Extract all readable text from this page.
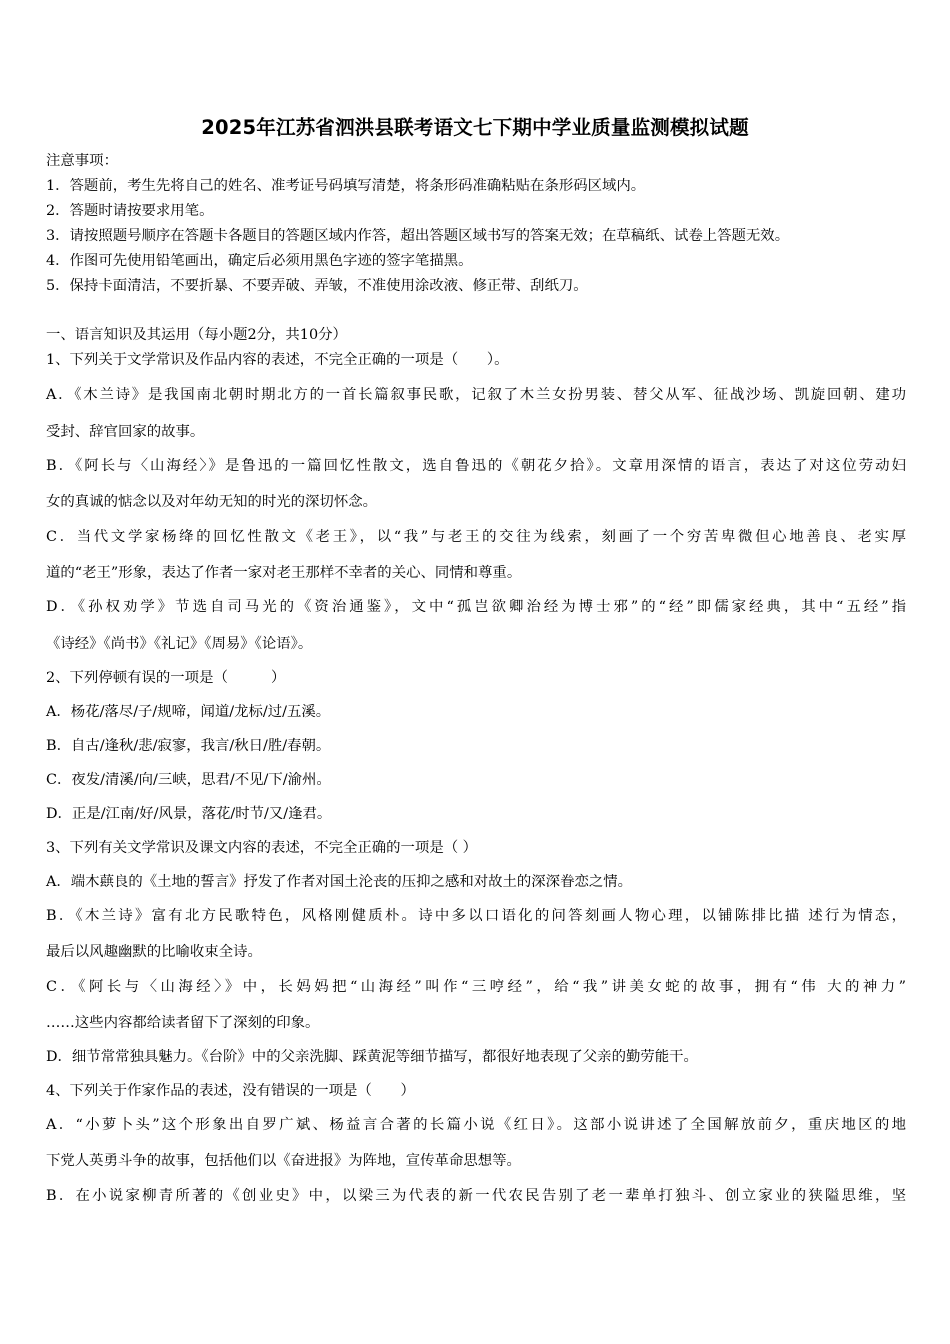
2025年江苏省泗洪县联考语文七下期中学业质量监测模拟试题
注意事项：
1．答题前，考生先将自己的姓名、准考证号码填写清楚，将条形码准确粘贴在条形码区域内。
2．答题时请按要求用笔。
3．请按照题号顺序在答题卡各题目的答题区域内作答，超出答题区域书写的答案无效；在草稿纸、试卷上答题无效。
4．作图可先使用铅笔画出，确定后必须用黑色字迹的签字笔描黑。
5．保持卡面清洁，不要折暴、不要弄破、弄皱，不准使用涂改液、修正带、刮纸刀。
一、语言知识及其运用（每小题2分，共10分）
1、下列关于文学常识及作品内容的表述，不完全正确的一项是（　　）。
A．《木兰诗》是我国南北朝时期北方的一首长篇叙事民歌，记叙了木兰女扮男装、替父从军、征战沙场、凯旋回朝、建功
受封、辞官回家的故事。
B．《阿长与〈山海经〉》是鲁迅的一篇回忆性散文，选自鲁迅的《朝花夕拾》。文章用深情的语言，表达了对这位劳动妇
女的真诚的惦念以及对年幼无知的时光的深切怀念。
C．当代文学家杨绛的回忆性散文《老王》，以“我”与老王的交往为线索，刻画了一个穷苦卑微但心地善良、老实厚
道的“老王”形象，表达了作者一家对老王那样不幸者的关心、同情和尊重。
D．《孙权劝学》节选自司马光的《资治通鉴》，文中“孤岂欲卿治经为博士邪”的“经”即儒家经典，其中“五经”指
《诗经》《尚书》《礼记》《周易》《论语》。
2、下列停顿有误的一项是（　　　）
A．杨花/落尽/子/规啼，闻道/龙标/过/五溪。
B．自古/逢秋/悲/寂寥，我言/秋日/胜/春朝。
C．夜发/清溪/向/三峡，思君/不见/下/渝州。
D．正是/江南/好/风景，落花/时节/又/逢君。
3、下列有关文学常识及课文内容的表述，不完全正确的一项是（ ）
A．端木蕻良的《土地的誓言》抒发了作者对国土沦丧的压抑之感和对故土的深深眷恋之情。
B．《木兰诗》富有北方民歌特色，风格刚健质朴。诗中多以口语化的问答刻画人物心理，以铺陈排比描 述行为情态，
最后以风趣幽默的比喻收束全诗。
C．《阿长与〈山海经〉》中，长妈妈把“山海经”叫作“三哼经”，给“我”讲美女蛇的故事，拥有“伟 大的神力”
……这些内容都给读者留下了深刻的印象。
D．细节常常独具魅力。《台阶》中的父亲洗脚、踩黄泥等细节描写，都很好地表现了父亲的勤劳能干。
4、下列关于作家作品的表述，没有错误的一项是（　　）
A．“小萝卜头”这个形象出自罗广斌、杨益言合著的长篇小说《红日》。这部小说讲述了全国解放前夕，重庆地区的地
下党人英勇斗争的故事，包括他们以《奋进报》为阵地，宣传革命思想等。
B．在小说家柳青所著的《创业史》中，以梁三为代表的新一代农民告别了老一辈单打独斗、创立家业的狭隘思维，坚
